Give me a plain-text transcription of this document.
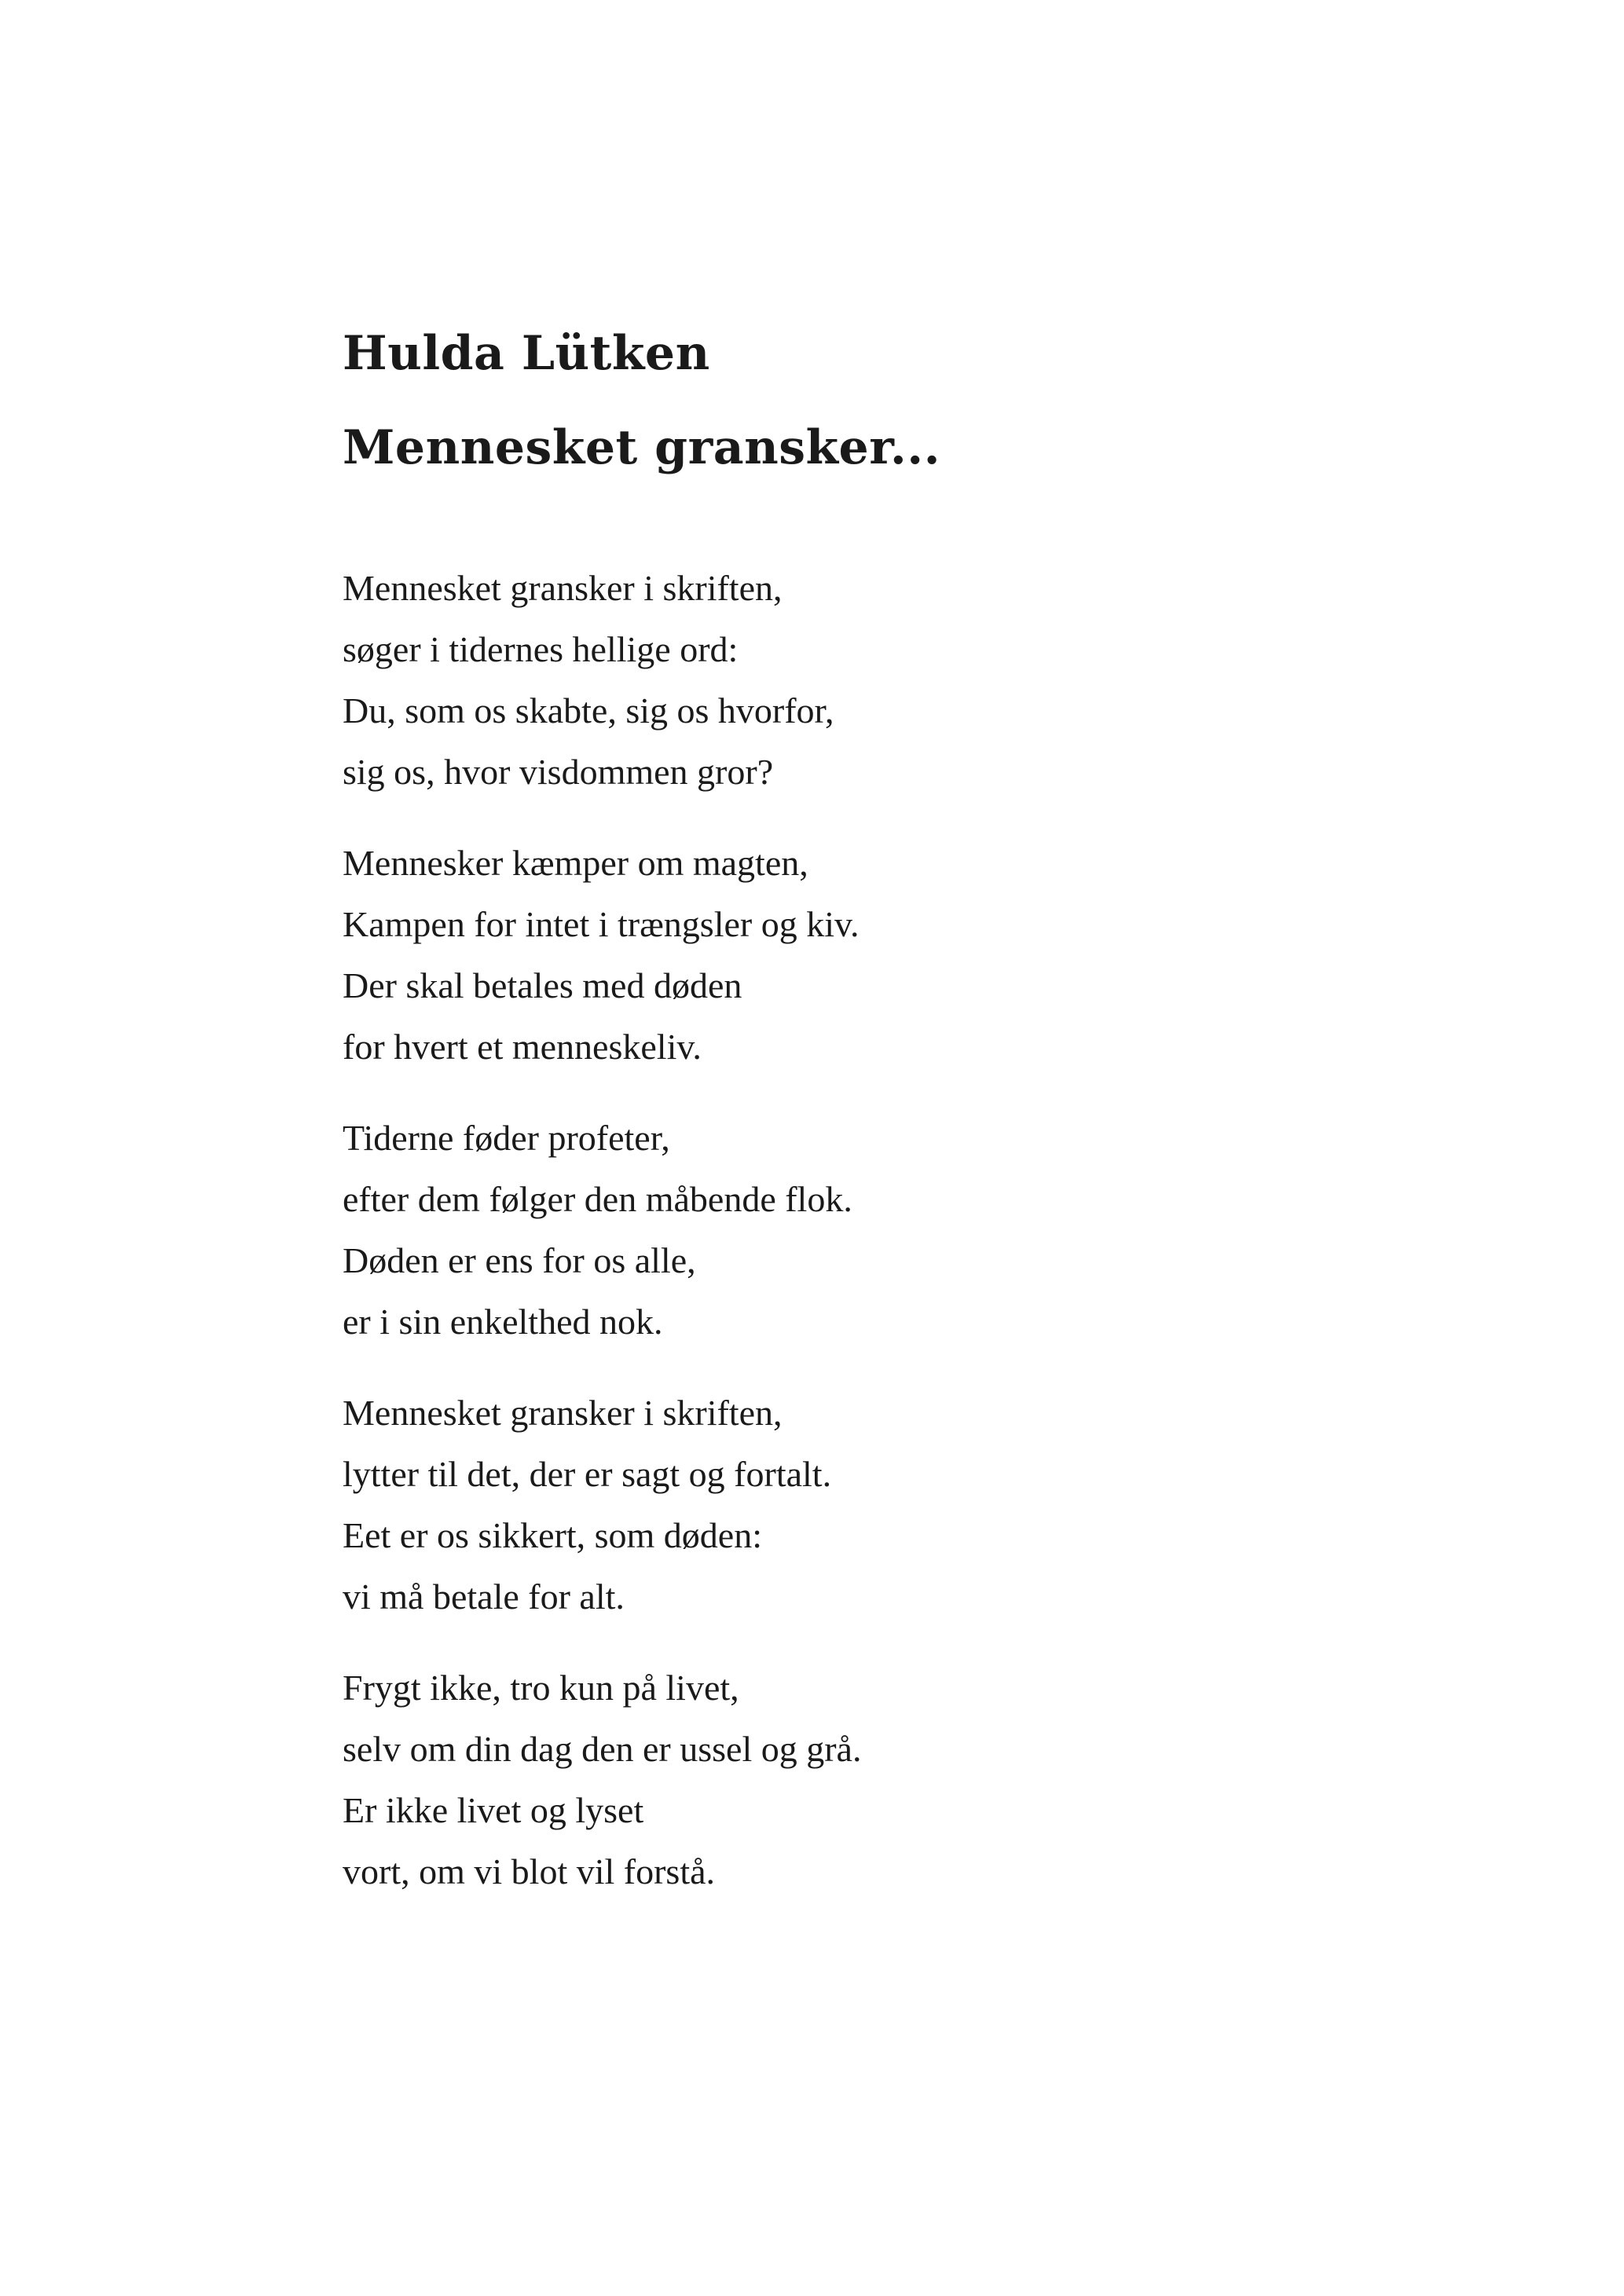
Hulda Lütken
Mennesket gransker...
Mennesket gransker i skriften,
søger i tidernes hellige ord:
Du, som os skabte, sig os hvorfor,
sig os, hvor visdommen gror?
Mennesker kæmper om magten,
Kampen for intet i trængsler og kiv.
Der skal betales med døden
for hvert et menneskeliv.
Tiderne føder profeter,
efter dem følger den måbende flok.
Døden er ens for os alle,
er i sin enkelthed nok.
Mennesket gransker i skriften,
lytter til det, der er sagt og fortalt.
Eet er os sikkert, som døden:
vi må betale for alt.
Frygt ikke, tro kun på livet,
selv om din dag den er ussel og grå.
Er ikke livet og lyset
vort, om vi blot vil forstå.
